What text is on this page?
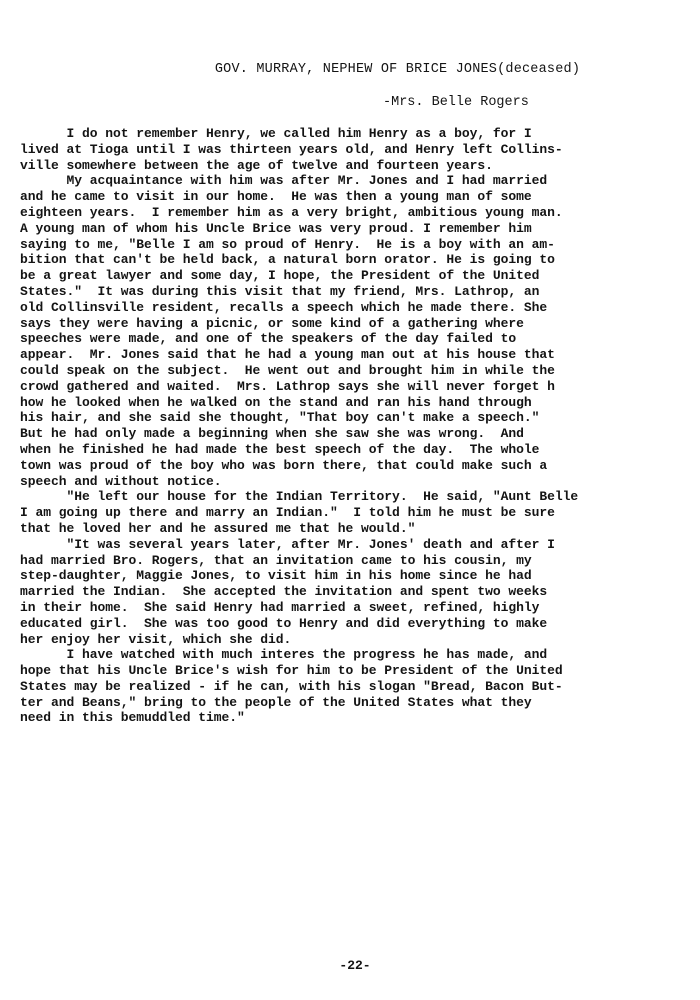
GOV. MURRAY, NEPHEW OF BRICE JONES(deceased)

-Mrs. Belle Rogers

I do not remember Henry, we called him Henry as a boy, for I
lived at Tioga until I was thirteen years old, and Henry left Collins-
ville somewhere between the age of twelve and fourteen years.
My acquaintance with him was after Mr. Jones and I had married
and he came to visit in our home.  He was then a young man of some
eighteen years.  I remember him as a very bright, ambitious young man.
A young man of whom his Uncle Brice was very proud. I remember him
saying to me, "Belle I am so proud of Henry.  He is a boy with an am-
bition that can't be held back, a natural born orator. He is going to
be a great lawyer and some day, I hope, the President of the United
States."  It was during this visit that my friend, Mrs. Lathrop, an
old Collinsville resident, recalls a speech which he made there. She
says they were having a picnic, or some kind of a gathering where
speeches were made, and one of the speakers of the day failed to
appear.  Mr. Jones said that he had a young man out at his house that
could speak on the subject.  He went out and brought him in while the
crowd gathered and waited.  Mrs. Lathrop says she will never forget h
how he looked when he walked on the stand and ran his hand through
his hair, and she said she thought, "That boy can't make a speech."
But he had only made a beginning when she saw she was wrong.  And
when he finished he had made the best speech of the day.  The whole
town was proud of the boy who was born there, that could make such a
speech and without notice.
"He left our house for the Indian Territory.  He said, "Aunt Belle
I am going up there and marry an Indian."  I told him he must be sure
that he loved her and he assured me that he would."
"It was several years later, after Mr. Jones' death and after I
had married Bro. Rogers, that an invitation came to his cousin, my
step-daughter, Maggie Jones, to visit him in his home since he had
married the Indian.  She accepted the invitation and spent two weeks
in their home.  She said Henry had married a sweet, refined, highly
educated girl.  She was too good to Henry and did everything to make
her enjoy her visit, which she did.
I have watched with much interes the progress he has made, and
hope that his Uncle Brice's wish for him to be President of the United
States may be realized - if he can, with his slogan "Bread, Bacon But-
ter and Beans," bring to the people of the United States what they
need in this bemuddled time."

-22-
